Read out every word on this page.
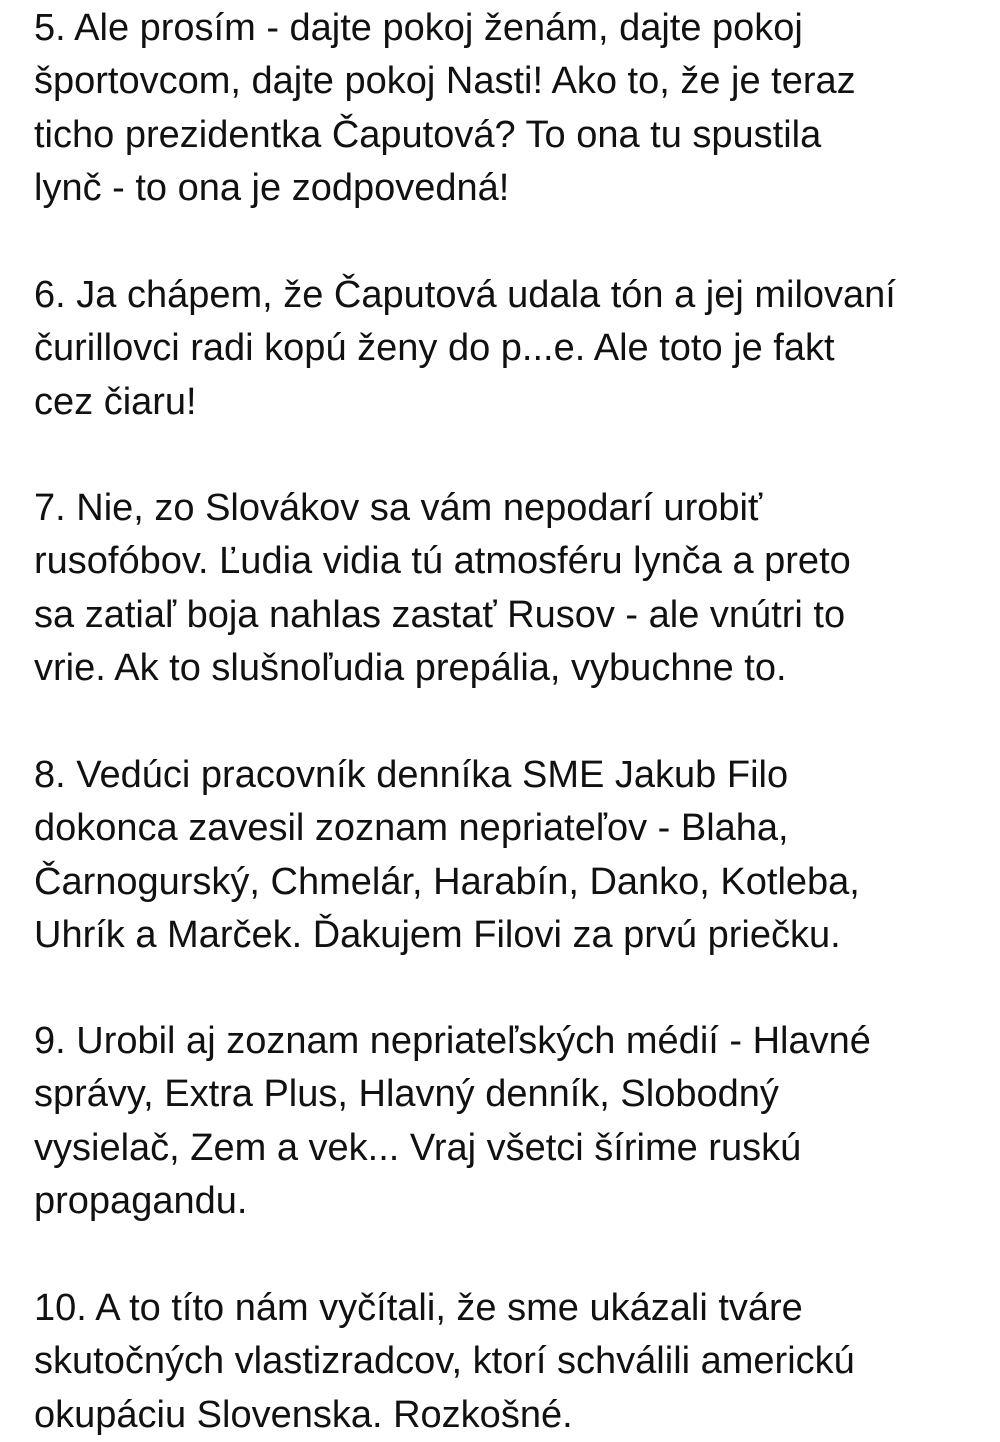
5. Ale prosím - dajte pokoj ženám, dajte pokoj
športovcom, dajte pokoj Nasti! Ako to, že je teraz
ticho prezidentka Čaputová? To ona tu spustila
lynč - to ona je zodpovedná!

6. Ja chápem, že Čaputová udala tón a jej milovaní
čurillovci radi kopú ženy do p...e. Ale toto je fakt
cez čiaru!

7. Nie, zo Slovákov sa vám nepodarí urobiť
rusofóbov. Ľudia vidia tú atmosféru lynča a preto
sa zatiaľ boja nahlas zastať Rusov - ale vnútri to
vrie. Ak to slušnoľudia prepália, vybuchne to.

8. Vedúci pracovník denníka SME Jakub Filo
dokonca zavesil zoznam nepriateľov - Blaha,
Čarnogurský, Chmelár, Harabín, Danko, Kotleba,
Uhrík a Marček. Ďakujem Filovi za prvú priečku.

9. Urobil aj zoznam nepriateľských médií - Hlavné
správy, Extra Plus, Hlavný denník, Slobodný
vysielač, Zem a vek... Vraj všetci šírime ruskú
propagandu.

10. A to títo nám vyčítali, že sme ukázali tváre
skutočných vlastizradcov, ktorí schválili americkú
okupáciu Slovenska. Rozkošné.
